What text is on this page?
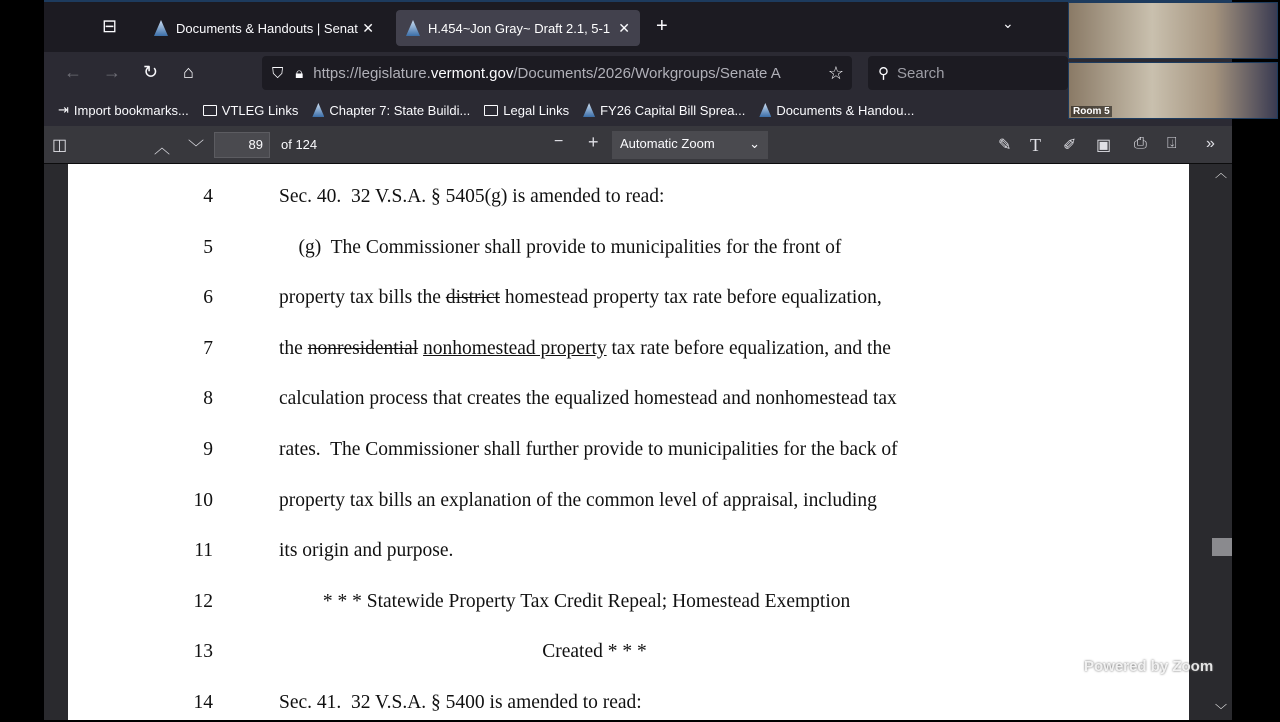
⊟	Documents & Handouts | Senat ✕	H.454~Jon Gray~ Draft 2.1, 5-1 ✕ +	⌄
← → ↻ ⌂	⛉ 🔒︎ https://legislature.vermont.gov/Documents/2026/Workgroups/Senate A	☆ ⚲ Search
⇥ Import bookmarks...	VTLEG Links Chapter 7: State Buildi...	Legal Links FY26 Capital Bill Sprea... Documents & Handou...
◫	︿ ﹀	89	of 124	− + Automatic Zoom	⌄	✎ T ✐ ▣ ⎙ ⍗ »
4	Sec. 40.  32 V.S.A. § 5405(g) is amended to read:
5	(g)  The Commissioner shall provide to municipalities for the front of
6	property tax bills the district homestead property tax rate before equalization,
7	the nonresidential nonhomestead property tax rate before equalization, and the
8	calculation process that creates the equalized homestead and nonhomestead tax
9	rates.  The Commissioner shall further provide to municipalities for the back of
10	property tax bills an explanation of the common level of appraisal, including
11	its origin and purpose.
12	* * * Statewide Property Tax Credit Repeal; Homestead Exemption
13	Created * * *
14	Sec. 41.  32 V.S.A. § 5400 is amended to read:
︿
﹀
Room 5
Powered by Zoom
